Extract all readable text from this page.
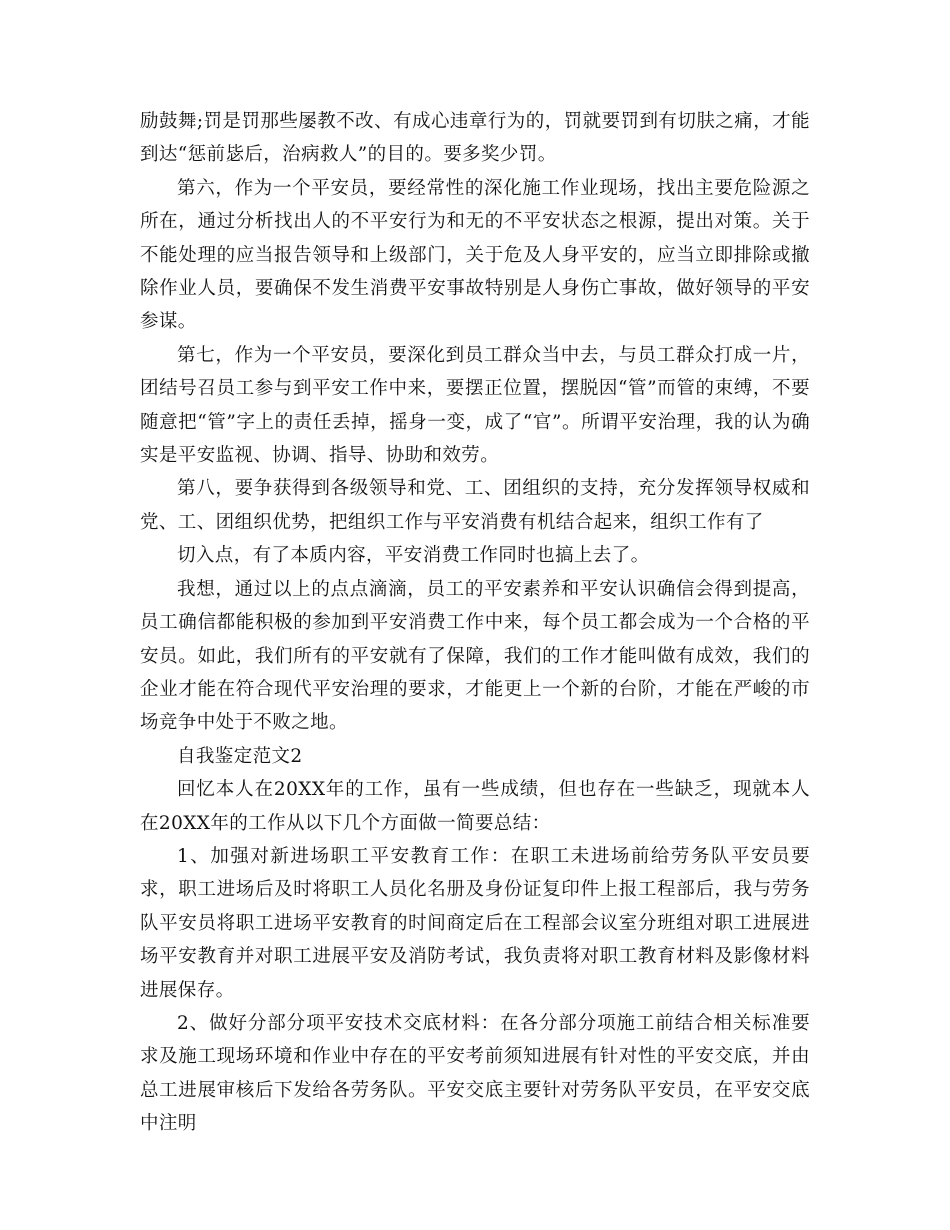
励鼓舞;罚是罚那些屡教不改、有成心违章行为的，罚就要罚到有切肤之痛，才能到达“惩前毖后，治病救人”的目的。要多奖少罚。

第六，作为一个平安员，要经常性的深化施工作业现场，找出主要危险源之所在，通过分析找出人的不平安行为和无的不平安状态之根源，提出对策。关于不能处理的应当报告领导和上级部门，关于危及人身平安的，应当立即排除或撤除作业人员，要确保不发生消费平安事故特别是人身伤亡事故，做好领导的平安参谋。

第七，作为一个平安员，要深化到员工群众当中去，与员工群众打成一片，团结号召员工参与到平安工作中来，要摆正位置，摆脱因“管”而管的束缚，不要随意把“管”字上的责任丢掉，摇身一变，成了“官”。所谓平安治理，我的认为确实是平安监视、协调、指导、协助和效劳。

第八，要争获得到各级领导和党、工、团组织的支持，充分发挥领导权威和党、工、团组织优势，把组织工作与平安消费有机结合起来，组织工作有了

切入点，有了本质内容，平安消费工作同时也搞上去了。

我想，通过以上的点点滴滴，员工的平安素养和平安认识确信会得到提高，员工确信都能积极的参加到平安消费工作中来，每个员工都会成为一个合格的平安员。如此，我们所有的平安就有了保障，我们的工作才能叫做有成效，我们的企业才能在符合现代平安治理的要求，才能更上一个新的台阶，才能在严峻的市场竞争中处于不败之地。

自我鉴定范文2

回忆本人在20XX年的工作，虽有一些成绩，但也存在一些缺乏，现就本人在20XX年的工作从以下几个方面做一简要总结：

1、加强对新进场职工平安教育工作：在职工未进场前给劳务队平安员要求，职工进场后及时将职工人员化名册及身份证复印件上报工程部后，我与劳务队平安员将职工进场平安教育的时间商定后在工程部会议室分班组对职工进展进场平安教育并对职工进展平安及消防考试，我负责将对职工教育材料及影像材料进展保存。

2、做好分部分项平安技术交底材料：在各分部分项施工前结合相关标准要求及施工现场环境和作业中存在的平安考前须知进展有针对性的平安交底，并由总工进展审核后下发给各劳务队。平安交底主要针对劳务队平安员，在平安交底中注明
